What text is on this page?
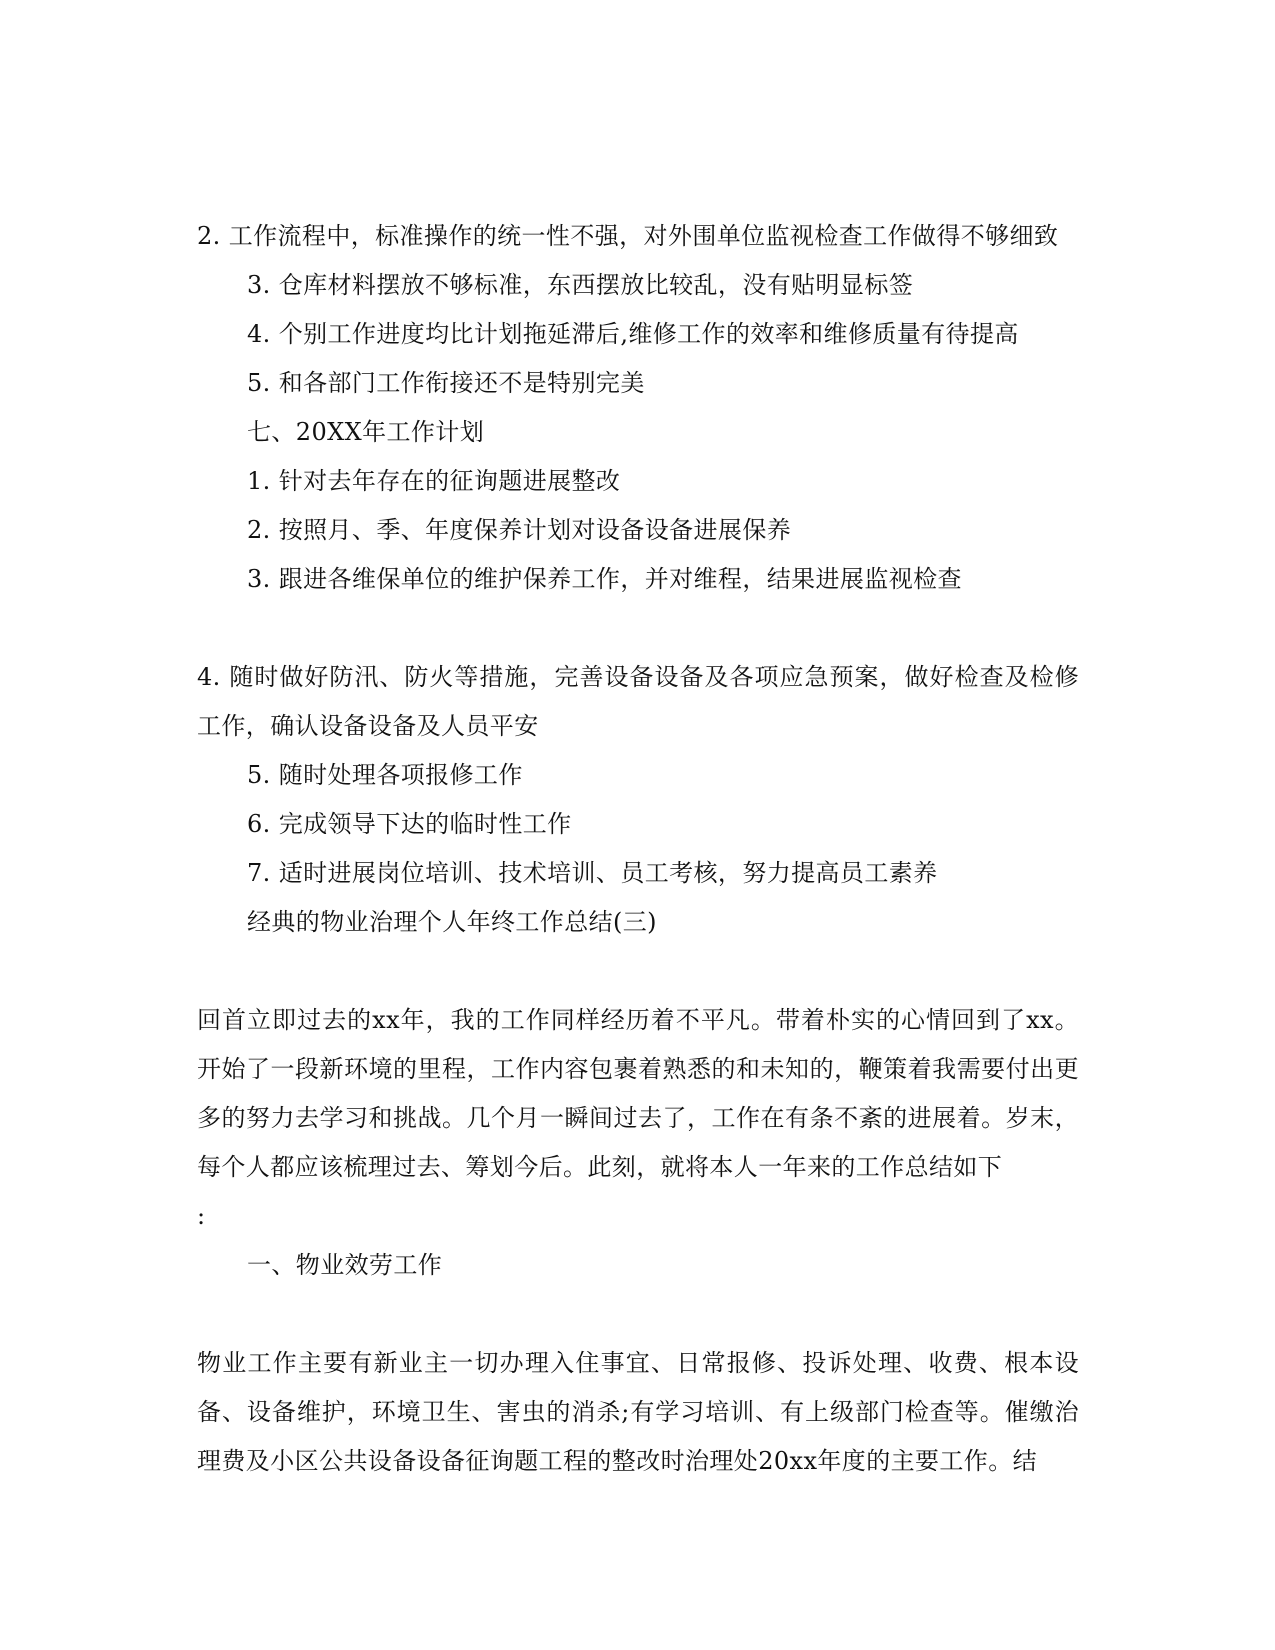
2. 工作流程中，标准操作的统一性不强，对外围单位监视检查工作做得不够细致

3. 仓库材料摆放不够标准，东西摆放比较乱，没有贴明显标签

4. 个别工作进度均比计划拖延滞后,维修工作的效率和维修质量有待提高

5. 和各部门工作衔接还不是特别完美

七、20XX年工作计划

1. 针对去年存在的征询题进展整改

2. 按照月、季、年度保养计划对设备设备进展保养

3. 跟进各维保单位的维护保养工作，并对维程，结果进展监视检查

4. 随时做好防汛、防火等措施，完善设备设备及各项应急预案，做好检查及检修工作，确认设备设备及人员平安

5. 随时处理各项报修工作

6. 完成领导下达的临时性工作

7. 适时进展岗位培训、技术培训、员工考核，努力提高员工素养

经典的物业治理个人年终工作总结(三)

回首立即过去的xx年，我的工作同样经历着不平凡。带着朴实的心情回到了xx。开始了一段新环境的里程，工作内容包裹着熟悉的和未知的，鞭策着我需要付出更多的努力去学习和挑战。几个月一瞬间过去了，工作在有条不紊的进展着。岁末，每个人都应该梳理过去、筹划今后。此刻，就将本人一年来的工作总结如下

:

一、物业效劳工作

物业工作主要有新业主一切办理入住事宜、日常报修、投诉处理、收费、根本设备、设备维护，环境卫生、害虫的消杀;有学习培训、有上级部门检查等。催缴治理费及小区公共设备设备征询题工程的整改时治理处20xx年度的主要工作。结
